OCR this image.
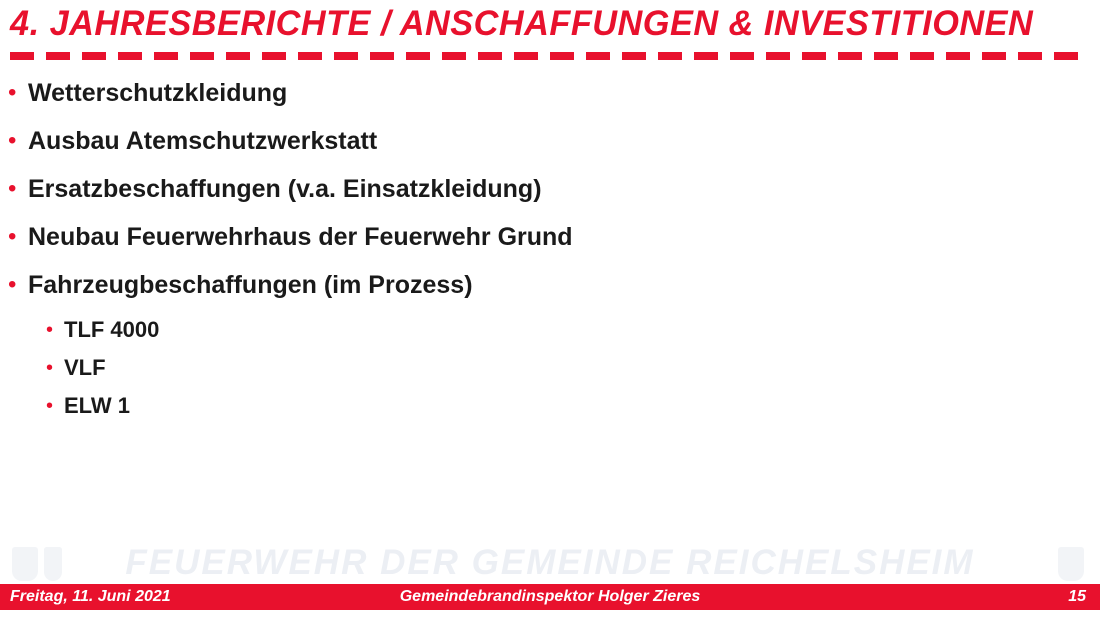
4. JAHRESBERICHTE / ANSCHAFFUNGEN & INVESTITIONEN
• Wetterschutzkleidung
• Ausbau Atemschutzwerkstatt
• Ersatzbeschaffungen (v.a. Einsatzkleidung)
• Neubau Feuerwehrhaus der Feuerwehr Grund
• Fahrzeugbeschaffungen (im Prozess)
• TLF 4000
• VLF
• ELW 1
FEUERWEHR DER GEMEINDE REICHELSHEIM
Freitag, 11. Juni 2021	Gemeindebrandinspektor Holger Zieres	15
